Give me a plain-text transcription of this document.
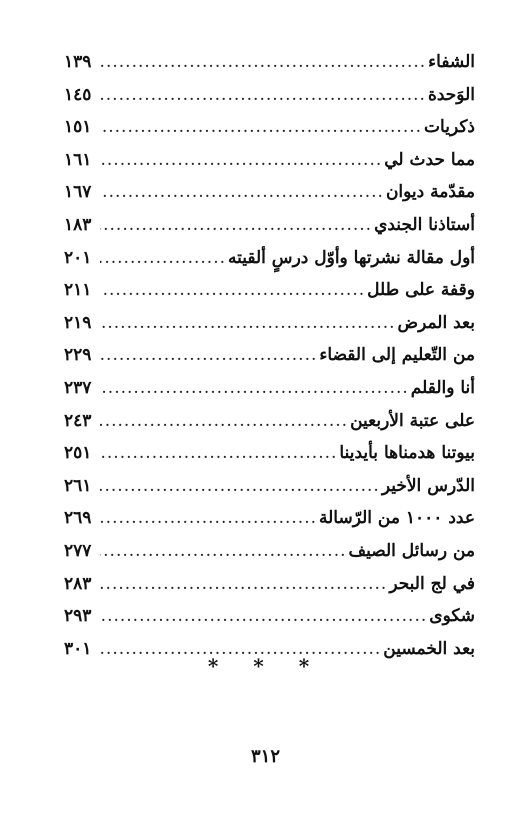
الشفاء
.....
١٣٩
الوَحدة
.....
١٤٥
ذكريات
.....
١٥١
مما حدث لي
.....
١٦١
مقدّمة ديوان
.....
١٦٧
أستاذنا الجندي
.....
١٨٣
أول مقالة نشرتها وأوّل درسٍ ألقيته
.....
٢٠١
وقفة على طلل
.....
٢١١
بعد المرض
.....
٢١٩
من التّعليم إلى القضاء
.....
٢٢٩
أنا والقلم
.....
٢٣٧
على عتبة الأربعين
.....
٢٤٣
بيوتنا هدمناها بأيدينا
.....
٢٥١
الدّرس الأخير
.....
٢٦١
عدد ١٠٠٠ من الرّسالة
.....
٢٦٩
من رسائل الصيف
.....
٢٧٧
في لج البحر
.....
٢٨٣
شكوى
.....
٢٩٣
بعد الخمسين
.....
٣٠١
* * *
٣١٢
